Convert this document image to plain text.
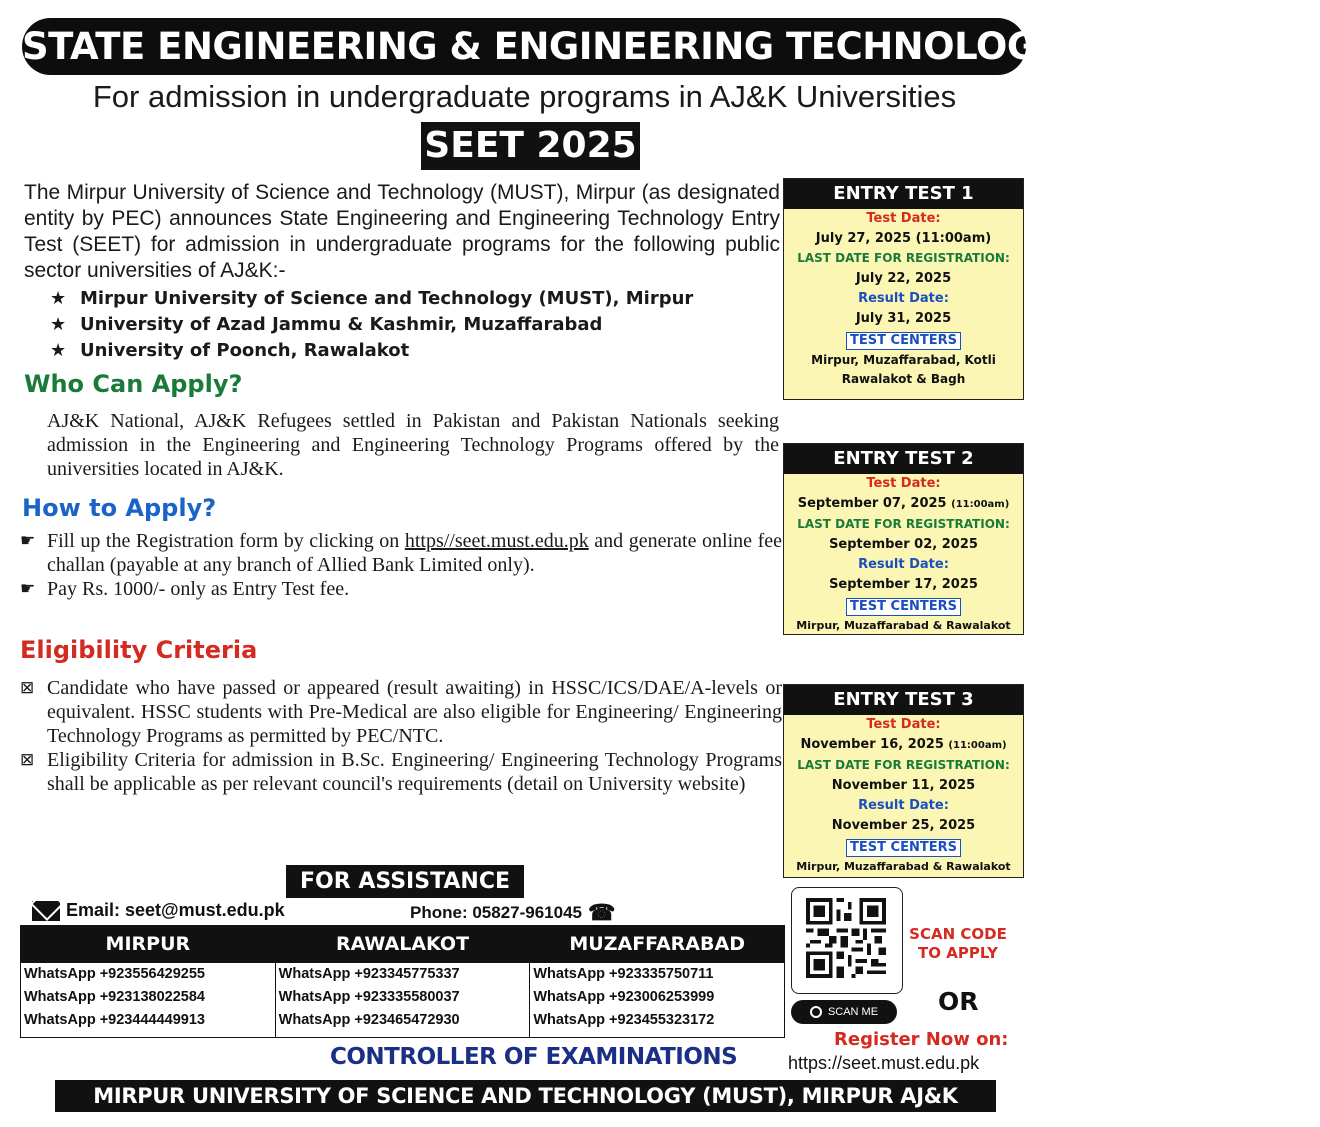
STATE ENGINEERING & ENGINEERING TECHNOLOGY ENTRY TEST
For admission in undergraduate programs in AJ&K Universities
SEET 2025
The Mirpur University of Science and Technology (MUST), Mirpur (as designated entity by PEC) announces State Engineering and Engineering Technology Entry Test (SEET) for admission in undergraduate programs for the following public sector universities of AJ&K:-
★ Mirpur University of Science and Technology (MUST), Mirpur
★ University of Azad Jammu & Kashmir, Muzaffarabad
★ University of Poonch, Rawalakot
Who Can Apply?
AJ&K National, AJ&K Refugees settled in Pakistan and Pakistan Nationals seeking admission in the Engineering and Engineering Technology Programs offered by the universities located in AJ&K.
How to Apply?
☛ Fill up the Registration form by clicking on https//seet.must.edu.pk and generate online fee challan (payable at any branch of Allied Bank Limited only).
☛ Pay Rs. 1000/- only as Entry Test fee.
Eligibility Criteria
⊠ Candidate who have passed or appeared (result awaiting) in HSSC/ICS/DAE/A-levels or equivalent. HSSC students with Pre-Medical are also eligible for Engineering/ Engineering Technology Programs as permitted by PEC/NTC.
⊠ Eligibility Criteria for admission in B.Sc. Engineering/ Engineering Technology Programs shall be applicable as per relevant council's requirements (detail on University website)
ENTRY TEST 1
Test Date:
July 27, 2025 (11:00am)
LAST DATE FOR REGISTRATION:
July 22, 2025
Result Date:
July 31, 2025
TEST CENTERS
Mirpur, Muzaffarabad, Kotli
Rawalakot & Bagh
ENTRY TEST 2
Test Date:
September 07, 2025 (11:00am)
LAST DATE FOR REGISTRATION:
September 02, 2025
Result Date:
September 17, 2025
TEST CENTERS
Mirpur, Muzaffarabad & Rawalakot
ENTRY TEST 3
Test Date:
November 16, 2025 (11:00am)
LAST DATE FOR REGISTRATION:
November 11, 2025
Result Date:
November 25, 2025
TEST CENTERS
Mirpur, Muzaffarabad & Rawalakot
FOR ASSISTANCE
Email: seet@must.edu.pk	Phone: 05827-961045 ☎
MIRPUR
WhatsApp +923556429255
WhatsApp +923138022584
WhatsApp +923444449913
RAWALAKOT
WhatsApp +923345775337
WhatsApp +923335580037
WhatsApp +923465472930
MUZAFFARABAD
WhatsApp +923335750711
WhatsApp +923006253999
WhatsApp +923455323172	SCAN ME
SCAN CODE
TO APPLY
OR
Register Now on:
https://seet.must.edu.pk
CONTROLLER OF EXAMINATIONS
MIRPUR UNIVERSITY OF SCIENCE AND TECHNOLOGY (MUST), MIRPUR AJ&K
